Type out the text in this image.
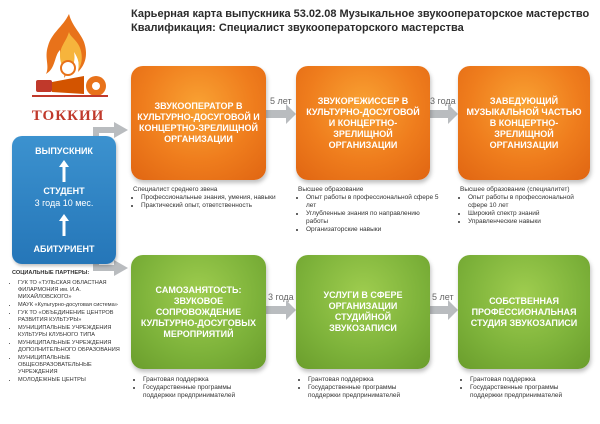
Карьерная карта выпускника 53.02.08 Музыкальное звукооператорское мастерство
Квалификация: Специалист звукооператорского мастерства
ТОККИИ
ВЫПУСКНИК
СТУДЕНТ
3 года 10 мес.
АБИТУРИЕНТ
СОЦИАЛЬНЫЕ ПАРТНЕРЫ:
• ГУК ТО «ТУЛЬСКАЯ ОБЛАСТНАЯ ФИЛАРМОНИЯ им. И.А. МИХАЙЛОВСКОГО»
• МАУК «Культурно-досуговая система»
• ГУК ТО «ОБЪЕДИНЕНИЕ ЦЕНТРОВ РАЗВИТИЯ КУЛЬТУРЫ»
• МУНИЦИПАЛЬНЫЕ УЧРЕЖДЕНИЯ КУЛЬТУРЫ КЛУБНОГО ТИПА
• МУНИЦИПАЛЬНЫЕ УЧРЕЖДЕНИЯ ДОПОЛНИТЕЛЬНОГО ОБРАЗОВАНИЯ
• МУНИЦИПАЛЬНЫЕ ОБЩЕОБРАЗОВАТЕЛЬНЫЕ УЧРЕЖДЕНИЯ
• МОЛОДЕЖНЫЕ ЦЕНТРЫ
ЗВУКООПЕРАТОР В КУЛЬТУРНО-ДОСУГОВОЙ И КОНЦЕРТНО-ЗРЕЛИЩНОЙ ОРГАНИЗАЦИИ
ЗВУКОРЕЖИССЕР В КУЛЬТУРНО-ДОСУГОВОЙ И КОНЦЕРТНО-ЗРЕЛИЩНОЙ ОРГАНИЗАЦИИ
ЗАВЕДУЮЩИЙ МУЗЫКАЛЬНОЙ ЧАСТЬЮ В КОНЦЕРТНО-ЗРЕЛИЩНОЙ ОРГАНИЗАЦИИ
5 лет	3 года
Специалист среднего звена
• Профессиональные знания, умения, навыки
• Практический опыт, ответственность
Высшее образование
• Опыт работы в профессиональной сфере 5 лет
• Углубленные знания по направлению работы
• Организаторские навыки
Высшее образование (специалитет)
• Опыт работы в профессиональной сфере 10 лет
• Широкий спектр знаний
• Управленческие навыки
САМОЗАНЯТОСТЬ: ЗВУКОВОЕ СОПРОВОЖДЕНИЕ КУЛЬТУРНО-ДОСУГОВЫХ МЕРОПРИЯТИЙ
УСЛУГИ В СФЕРЕ ОРГАНИЗАЦИИ СТУДИЙНОЙ ЗВУКОЗАПИСИ
СОБСТВЕННАЯ ПРОФЕССИОНАЛЬНАЯ СТУДИЯ ЗВУКОЗАПИСИ
3 года	5 лет
• Грантовая поддержка
• Государственные программы поддержки предпринимателей
• Грантовая поддержка
• Государственные программы поддержки предпринимателей
• Грантовая поддержка
• Государственные программы поддержки предпринимателей
